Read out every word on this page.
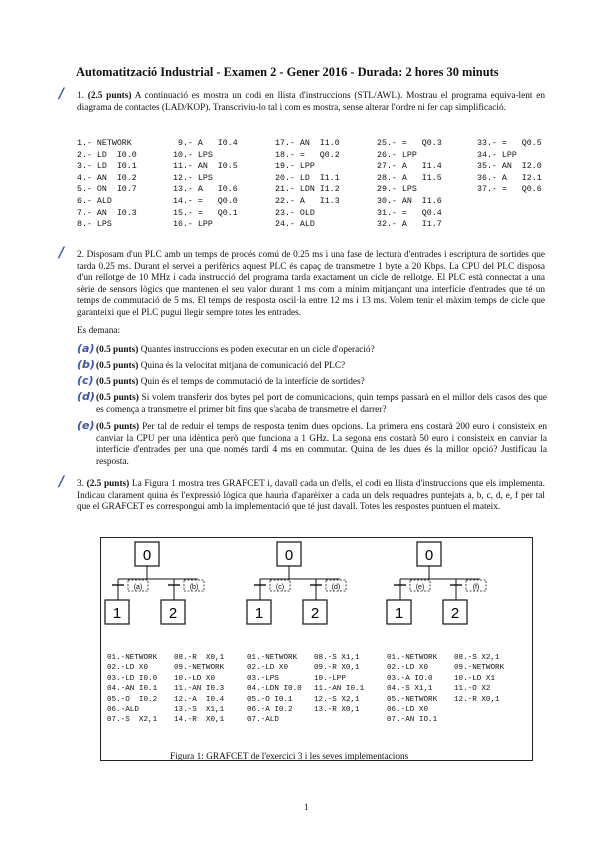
Automatització Industrial - Examen 2 - Gener 2016 - Durada: 2 hores 30 minuts
/ 1. (2.5 punts) A continuació es mostra un codi en llista d'instruccions (STL/AWL). Mostrau el programa equiva-lent en diagrama de contactes (LAD/KOP). Transcriviu-lo tal i com es mostra, sense alterar l'ordre ni fer cap simplificació.
1.- NETWORK
2.- LD  I0.0
3.- LD  I0.1
4.- AN  I0.2
5.- ON  I0.7
6.- ALD
7.- AN  I0.3
8.- LPS
9.- A   I0.4
10.- LPS
11.- AN  I0.5
12.- LPS
13.- A   I0.6
14.- =   Q0.0
15.- =   Q0.1
16.- LPP
17.- AN  I1.0
18.- =   Q0.2
19.- LPP
20.- LD  I1.1
21.- LDN I1.2
22.- A   I1.3
23.- OLD
24.- ALD
25.- =   Q0.3
26.- LPP
27.- A   I1.4
28.- A   I1.5
29.- LPS
30.- AN  I1.6
31.- =   Q0.4
32.- A   I1.7
33.- =   Q0.5
34.- LPP
35.- AN  I2.0
36.- A   I2.1
37.- =   Q0.6
/ 2. Disposam d'un PLC amb un temps de procés comú de 0.25 ms i una fase de lectura d'entrades i escriptura de sortides que tarda 0.25 ms. Durant el servei a perifèrics aquest PLC és capaç de transmetre 1 byte a 20 Kbps. La CPU del PLC disposa d'un rellotge de 10 MHz i cada instrucció del programa tarda exactament un cicle de rellotge. El PLC està connectat a una sèrie de sensors lògics que mantenen el seu valor durant 1 ms com a mínim mitjançant una interfície d'entrades que té un temps de commutació de 5 ms. El temps de resposta oscil·la entre 12 ms i 13 ms. Volem tenir el màxim temps de cicle que garanteixi que el PLC pugui llegir sempre totes les entrades.
Es demana:
(a) (0.5 punts) Quantes instruccions es poden executar en un cicle d'operació?
(b) (0.5 punts) Quina és la velocitat mitjana de comunicació del PLC?
(c) (0.5 punts) Quin és el temps de commutació de la interfície de sortides?
(d) (0.5 punts) Si volem transferir dos bytes pel port de comunicacions, quin temps passarà en el millor dels casos des que es comença a transmetre el primer bit fins que s'acaba de transmetre el darrer?
(e) (0.5 punts) Per tal de reduir el temps de resposta tenim dues opcions. La primera ens costarà 200 euro i consisteix en canviar la CPU per una idèntica però que funciona a 1 GHz. La segona ens costarà 50 euro i consisteix en canviar la interfície d'entrades per una que només tardi 4 ms en commutar. Quina de les dues és la millor opció? Justificau la resposta.
/ 3. (2.5 punts) La Figura 1 mostra tres GRAFCET i, davall cada un d'ells, el codi en llista d'instruccions que els implementa. Indicau clarament quina és l'expressió lògica que hauria d'aparèixer a cada un dels requadres puntejats a, b, c, d, e, f per tal que el GRAFCET es correspongui amb la implementació que té just davall. Totes les respostes puntuen el mateix.
0
(a)
1
(b)
2
0
(c)
1
(d)
2
0
(e)
1
(f)
2
01.-NETWORK
02.-LD X0
03.-LD I0.0
04.-AN I0.1
05.-O  I0.2
06.-ALD
07.-S  X2,1
08.-R  X0,1
09.-NETWORK
10.-LD X0
11.-AN I0.3
12.-A  I0.4
13.-S  X1,1
14.-R  X0,1
01.-NETWORK
02.-LD X0
03.-LPS
04.-LDN I0.0
05.-O I0.1
06.-A I0.2
07.-ALD
08.-S X1,1
09.-R X0,1
10.-LPP
11.-AN I0.1
12.-S X2,1
13.-R X0,1

01.-NETWORK
02.-LD X0
03.-A IO.0
04.-S X1,1
05.-NETWORK
06.-LD X0
07.-AN IO.1
08.-S X2,1
09.-NETWORK
10.-LD X1
11.-O X2
12.-R X0,1

Figura 1: GRAFCET de l'exercici 3 i les seves implementacions
1
